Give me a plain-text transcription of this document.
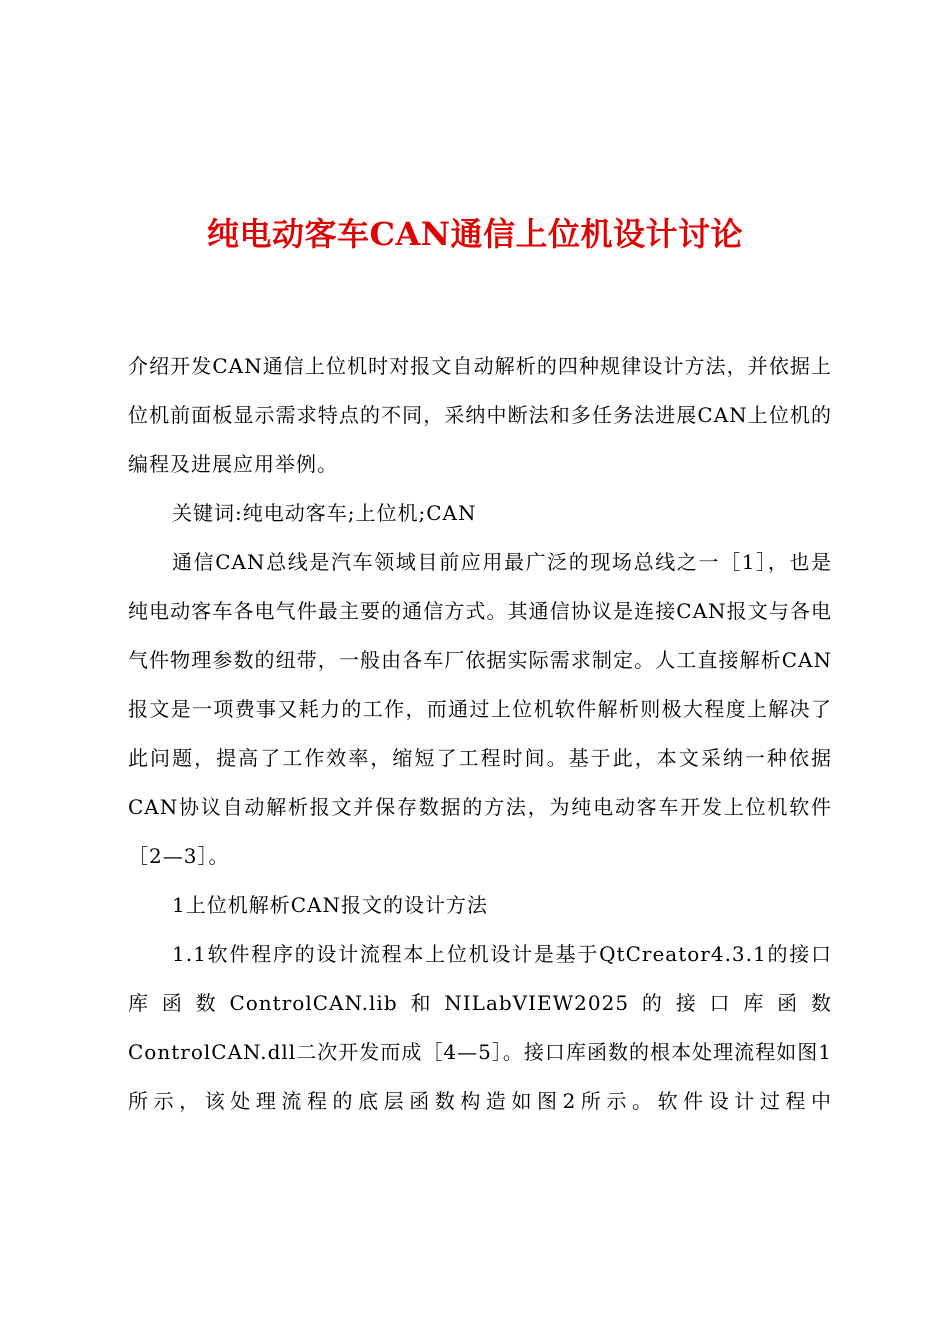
纯电动客车CAN通信上位机设计讨论

介绍开发CAN通信上位机时对报文自动解析的四种规律设计方法，并依据上位机前面板显示需求特点的不同，采纳中断法和多任务法进展CAN上位机的编程及进展应用举例。

关键词:纯电动客车;上位机;CAN

通信CAN总线是汽车领域目前应用最广泛的现场总线之一［1］，也是纯电动客车各电气件最主要的通信方式。其通信协议是连接CAN报文与各电气件物理参数的纽带，一般由各车厂依据实际需求制定。人工直接解析CAN报文是一项费事又耗力的工作，而通过上位机软件解析则极大程度上解决了此问题，提高了工作效率，缩短了工程时间。基于此，本文采纳一种依据CAN协议自动解析报文并保存数据的方法，为纯电动客车开发上位机软件［2—3］。

1上位机解析CAN报文的设计方法

1.1软件程序的设计流程本上位机设计是基于QtCreator4.3.1的接口库函数ControlCAN.lib和NILabVIEW2025的接口库函数ControlCAN.dll二次开发而成［4—5］。接口库函数的根本处理流程如图1所示，该处理流程的底层函数构造如图2所示。软件设计过程中
